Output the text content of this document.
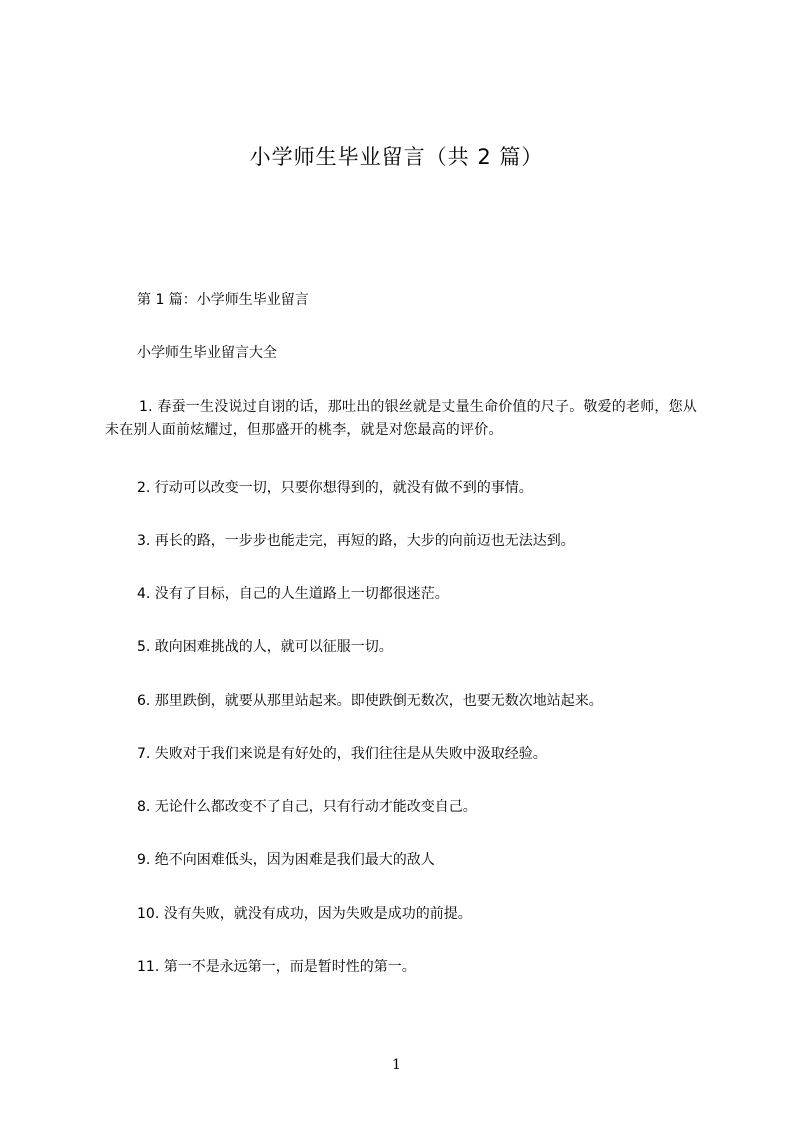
小学师生毕业留言（共 2 篇）
第 1 篇：小学师生毕业留言
小学师生毕业留言大全
1. 春蚕一生没说过自诩的话，那吐出的银丝就是丈量生命价值的尺子。敬爱的老师，您从未在别人面前炫耀过，但那盛开的桃李，就是对您最高的评价。
2. 行动可以改变一切，只要你想得到的，就没有做不到的事情。
3. 再长的路，一步步也能走完，再短的路，大步的向前迈也无法达到。
4. 没有了目标，自己的人生道路上一切都很迷茫。
5. 敢向困难挑战的人，就可以征服一切。
6. 那里跌倒，就要从那里站起来。即使跌倒无数次，也要无数次地站起来。
7. 失败对于我们来说是有好处的，我们往往是从失败中汲取经验。
8. 无论什么都改变不了自己，只有行动才能改变自己。
9. 绝不向困难低头，因为困难是我们最大的敌人
10. 没有失败，就没有成功，因为失败是成功的前提。
11. 第一不是永远第一，而是暂时性的第一。
1
